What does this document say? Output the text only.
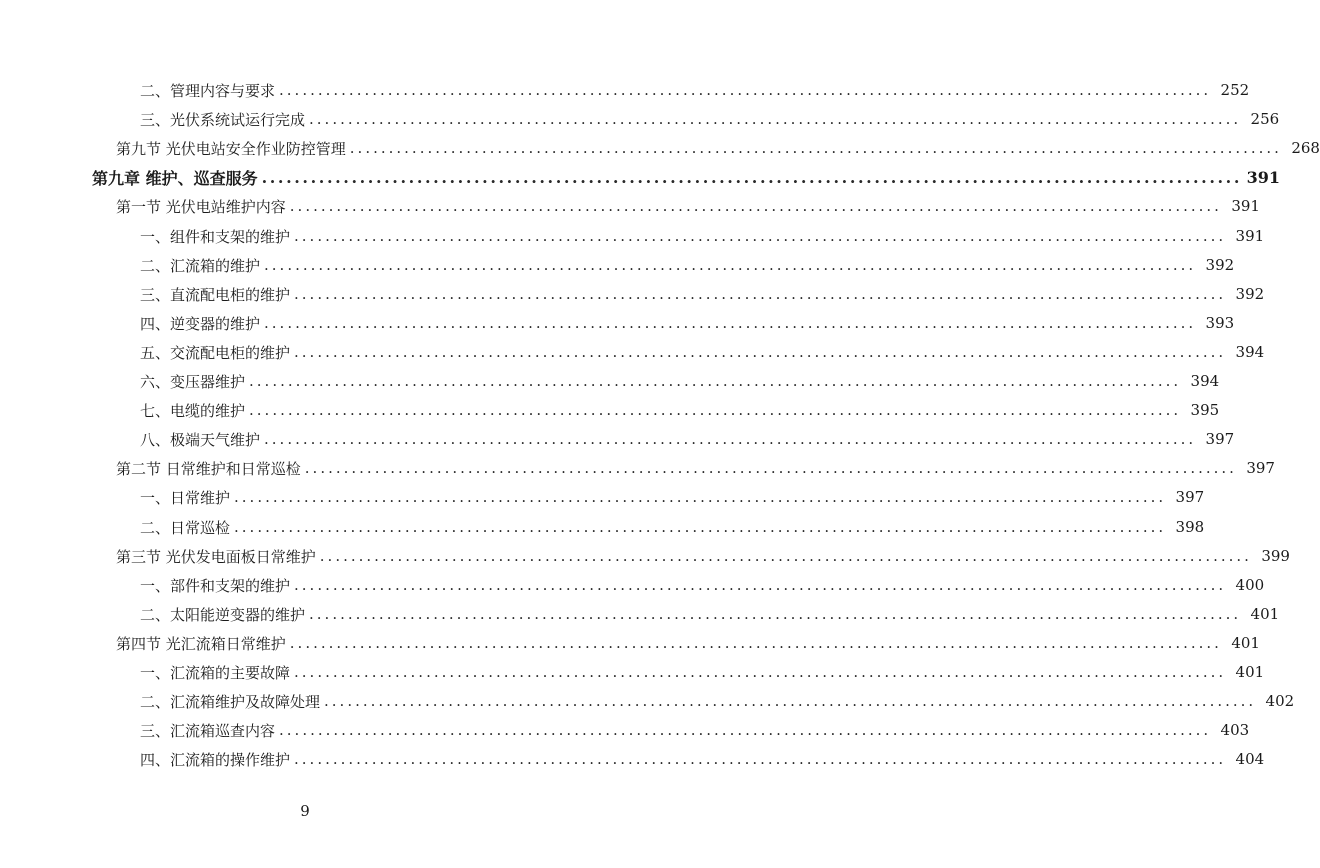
二、管理内容与要求 ........................................................................................................................ 252
三、光伏系统试运行完成 ........................................................................................................................ 256
第九节 光伏电站安全作业防控管理 ........................................................................................................................ 268
第九章 维护、巡查服务 ........................................................................................................................ 391
第一节 光伏电站维护内容 ........................................................................................................................ 391
一、组件和支架的维护 ........................................................................................................................ 391
二、汇流箱的维护 ........................................................................................................................ 392
三、直流配电柜的维护 ........................................................................................................................ 392
四、逆变器的维护 ........................................................................................................................ 393
五、交流配电柜的维护 ........................................................................................................................ 394
六、变压器维护 ........................................................................................................................ 394
七、电缆的维护 ........................................................................................................................ 395
八、极端天气维护 ........................................................................................................................ 397
第二节 日常维护和日常巡检 ........................................................................................................................ 397
一、日常维护 ........................................................................................................................ 397
二、日常巡检 ........................................................................................................................ 398
第三节 光伏发电面板日常维护 ........................................................................................................................ 399
一、部件和支架的维护 ........................................................................................................................ 400
二、太阳能逆变器的维护 ........................................................................................................................ 401
第四节 光汇流箱日常维护 ........................................................................................................................ 401
一、汇流箱的主要故障 ........................................................................................................................ 401
二、汇流箱维护及故障处理 ........................................................................................................................ 402
三、汇流箱巡查内容 ........................................................................................................................ 403
四、汇流箱的操作维护 ........................................................................................................................ 404
9
